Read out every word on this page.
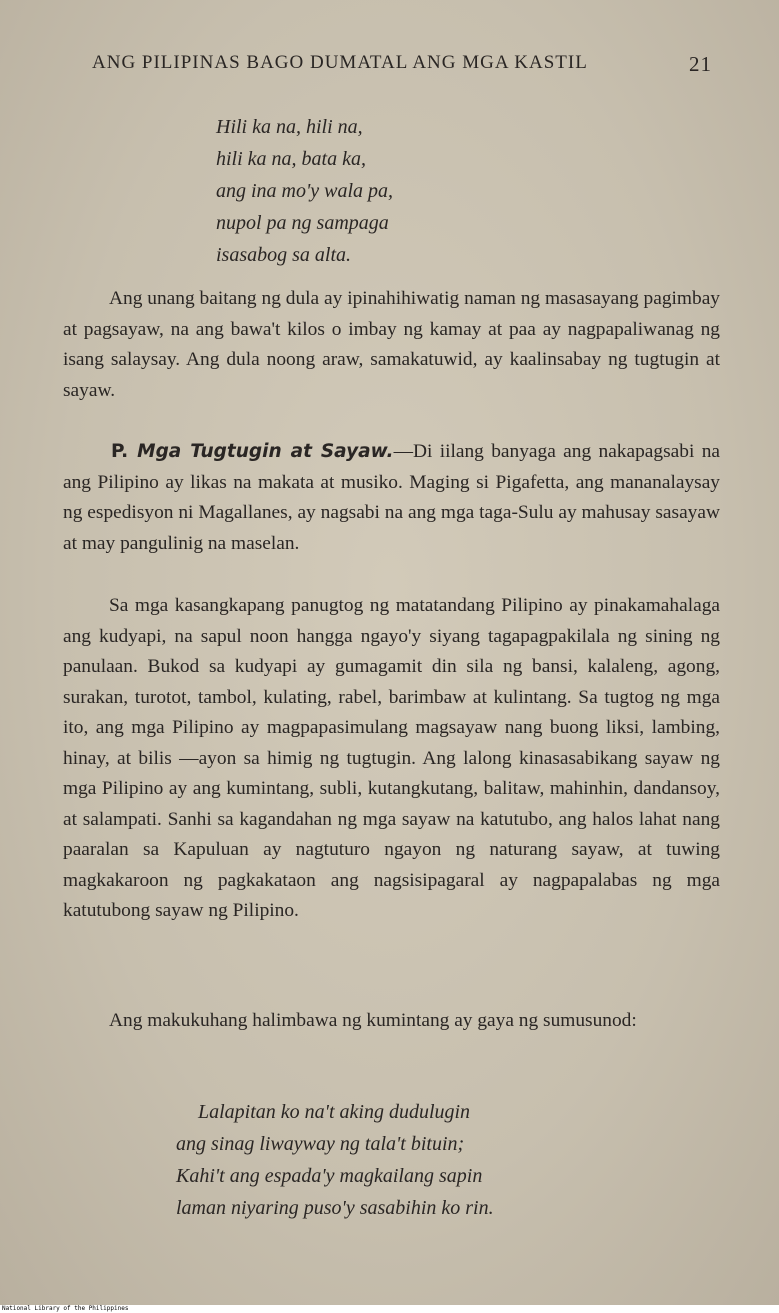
ANG PILIPINAS BAGO DUMATAL ANG MGA KASTIL	21
Hili ka na, hili na,
hili ka na, bata ka,
ang ina mo'y wala pa,
nupol pa ng sampaga
isasabog sa alta.

Ang unang baitang ng dula ay ipinahihiwatig naman ng masasayang pagimbay at pagsayaw, na ang bawa't kilos o imbay ng kamay at paa ay nagpapaliwanag ng isang salaysay. Ang dula noong araw, samakatuwid, ay kaalinsabay ng tugtugin at sayaw.

P. Mga Tugtugin at Sayaw.—Di iilang banyaga ang nakapagsabi na ang Pilipino ay likas na makata at musiko. Maging si Pigafetta, ang mananalaysay ng espedisyon ni Magallanes, ay nagsabi na ang mga taga-Sulu ay mahusay sasayaw at may pangulinig na maselan.

Sa mga kasangkapang panugtog ng matatandang Pilipino ay pinakamahalaga ang kudyapi, na sapul noon hangga ngayo'y siyang tagapagpakilala ng sining ng panulaan. Bukod sa kudyapi ay gumagamit din sila ng bansi, kalaleng, agong, surakan, turotot, tambol, kulating, rabel, barimbaw at kulintang. Sa tugtog ng mga ito, ang mga Pilipino ay magpapasimulang magsayaw nang buong liksi, lambing, hinay, at bilis —ayon sa himig ng tugtugin. Ang lalong kinasasabikang sayaw ng mga Pilipino ay ang kumintang, subli, kutangkutang, balitaw, mahinhin, dandansoy, at salampati. Sanhi sa kagandahan ng mga sayaw na katutubo, ang halos lahat nang paaralan sa Kapuluan ay nagtuturo ngayon ng naturang sayaw, at tuwing magkakaroon ng pagkakataon ang nagsisipagaral ay nagpapalabas ng mga katutubong sayaw ng Pilipino.

Ang makukuhang halimbawa ng kumintang ay gaya ng sumusunod:

Lalapitan ko na't aking dudulugin
ang sinag liwayway ng tala't bituin;
Kahi't ang espada'y magkailang sapin
laman niyaring puso'y sasabihin ko rin.
National Library of the Philippines
